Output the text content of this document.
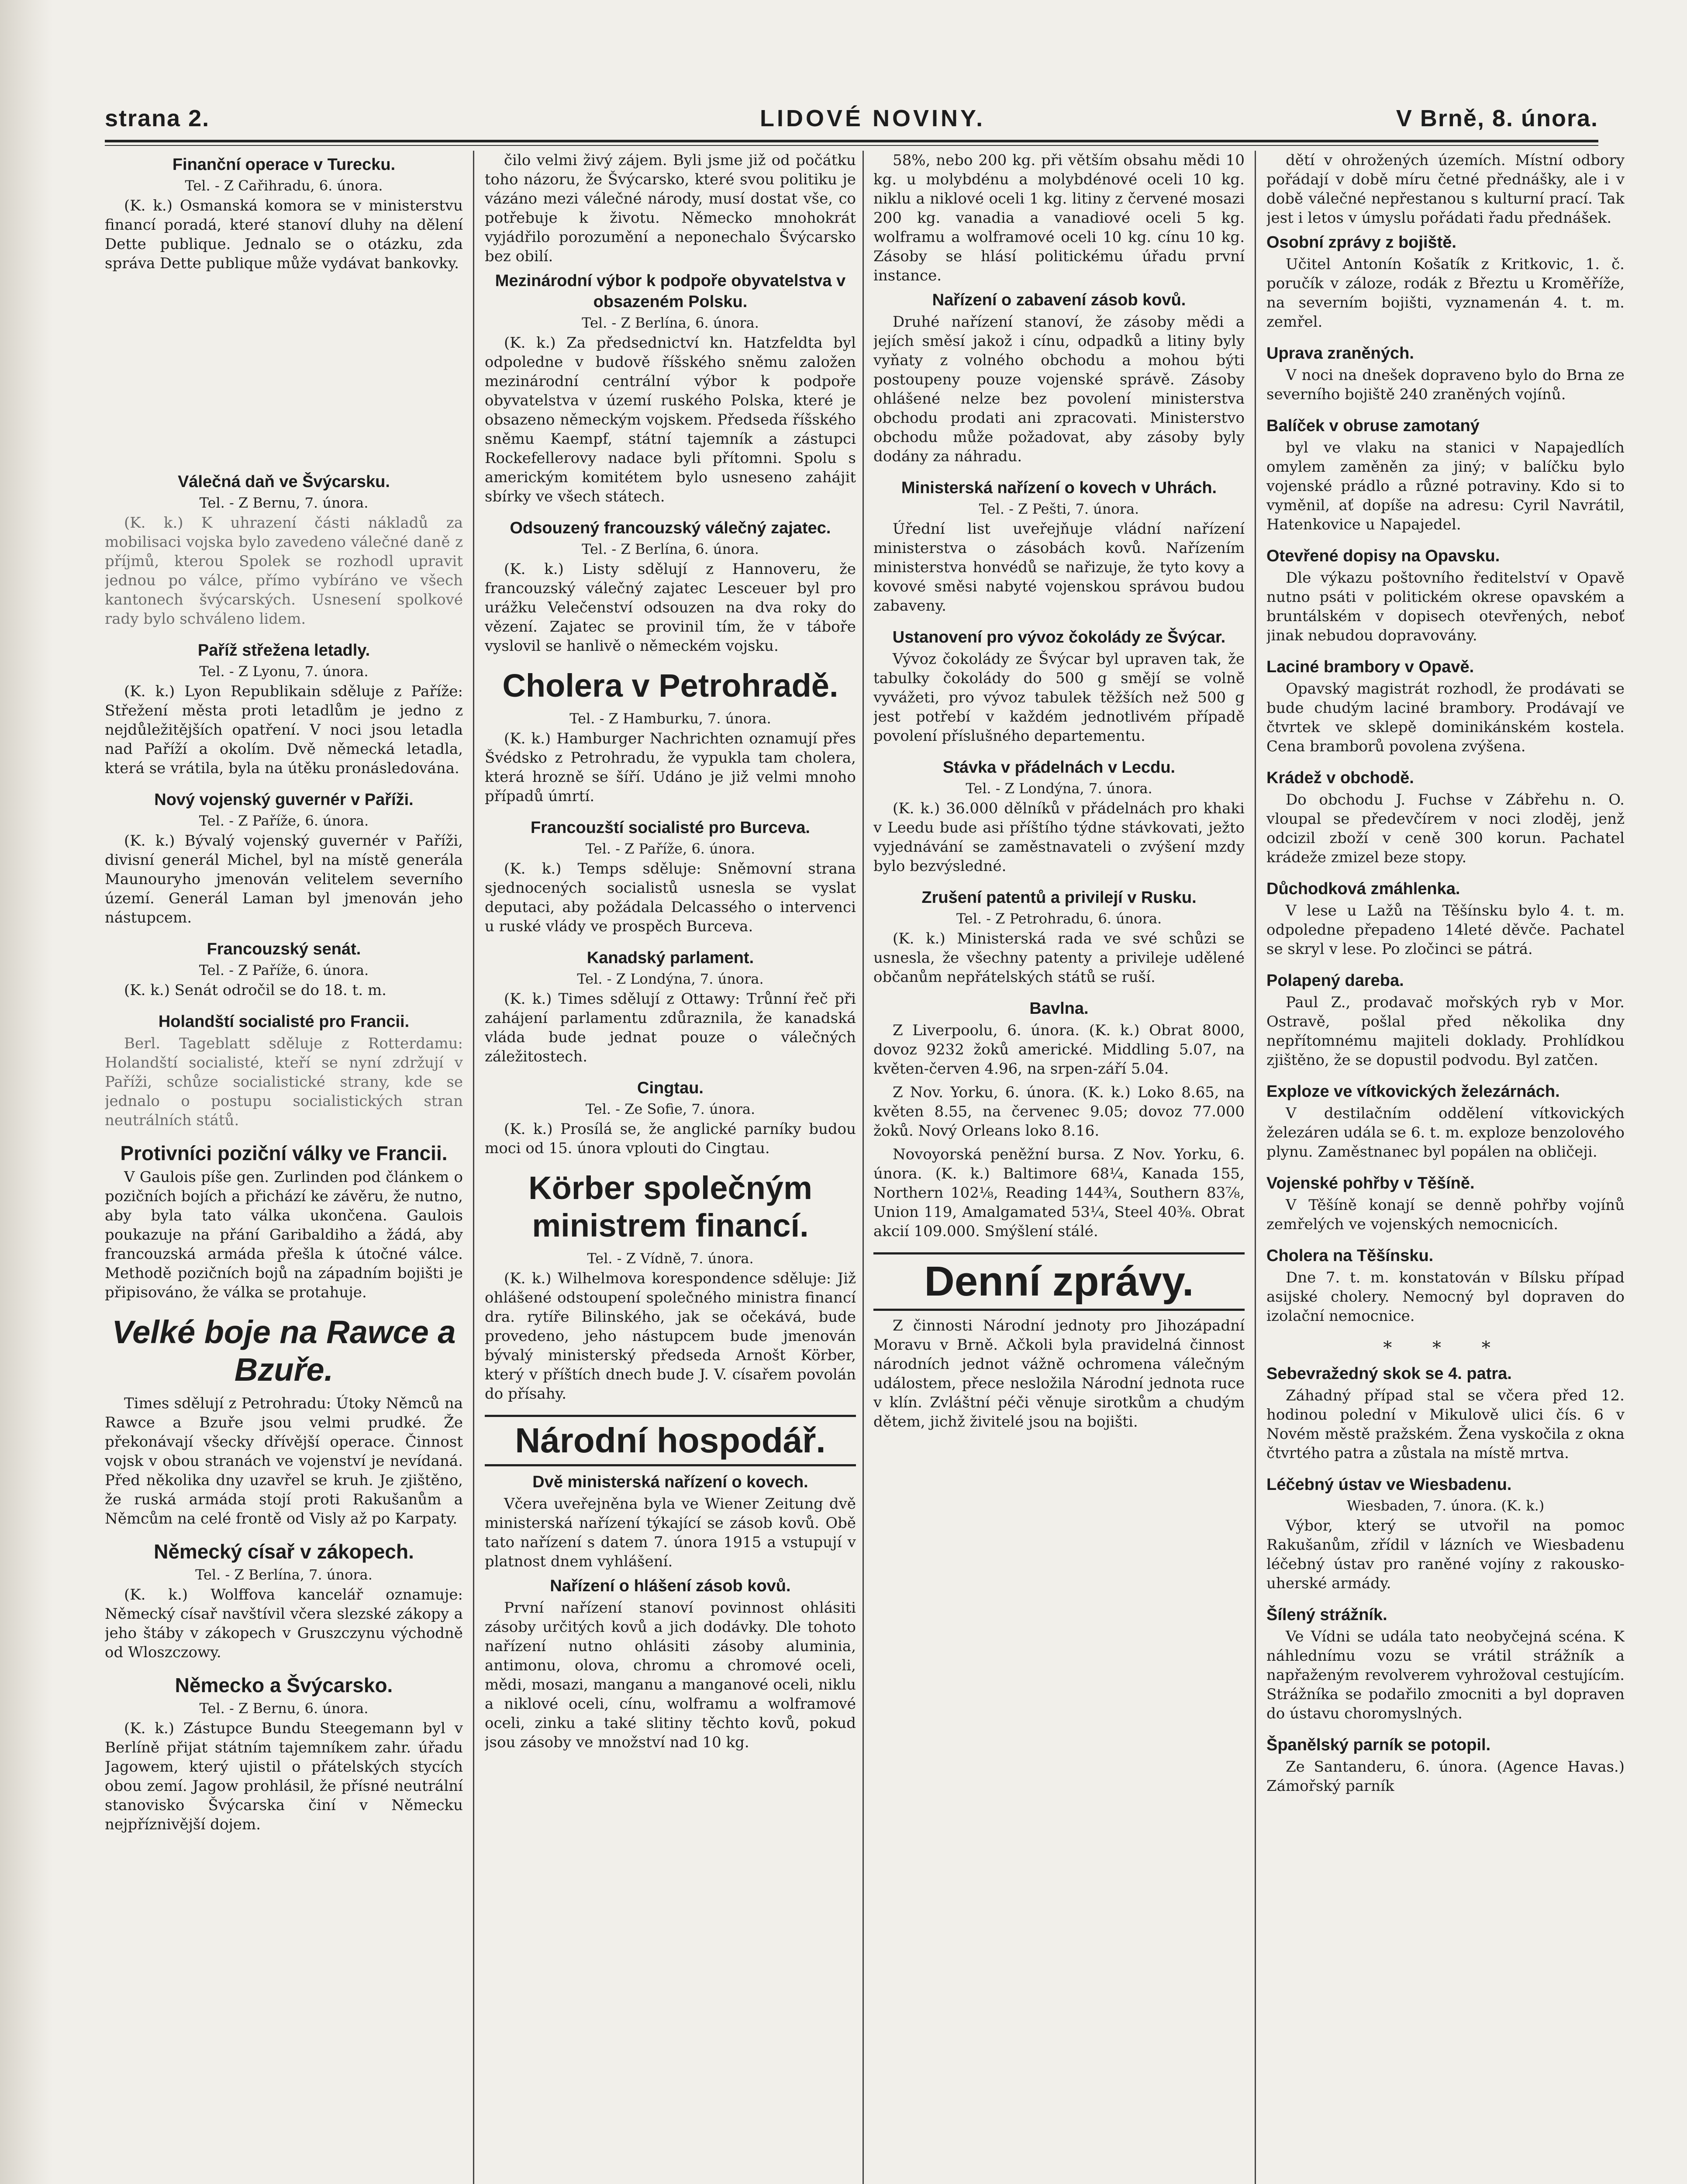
strana 2.	LIDOVÉ NOVINY.	V Brně, 8. února.
Finanční operace v Turecku.
Tel. - Z Cařihradu, 6. února.

(K. k.) Osmanská komora se v ministerstvu financí poradá, které stanoví dluhy na dělení Dette publique. Jednalo se o otázku, zda správa Dette publique může vydávat bankovky.

Válečná daň ve Švýcarsku.
Tel. - Z Bernu, 7. února.

(K. k.) K uhrazení části nákladů za mobilisaci vojska bylo zavedeno válečné daně z příjmů, kterou Spolek se rozhodl upravit jednou po válce, přímo vybíráno ve všech kantonech švýcarských. Usnesení spolkové rady bylo schváleno lidem.

Paříž střežena letadly.
Tel. - Z Lyonu, 7. února.

(K. k.) Lyon Republikain sděluje z Paříže: Střežení města proti letadlům je jedno z nejdůležitějších opatření. V noci jsou letadla nad Paříží a okolím. Dvě německá letadla, která se vrátila, byla na útěku pronásledována.

Nový vojenský guvernér v Paříži.
Tel. - Z Paříže, 6. února.

(K. k.) Bývalý vojenský guvernér v Paříži, divisní generál Michel, byl na místě generála Maunouryho jmenován velitelem severního území. Generál Laman byl jmenován jeho nástupcem.

Francouzský senát.
Tel. - Z Paříže, 6. února.

(K. k.) Senát odročil se do 18. t. m.

Holandští socialisté pro Francii.

Berl. Tageblatt sděluje z Rotterdamu: Holandští socialisté, kteří se nyní zdržují v Paříži, schůze socialistické strany, kde se jednalo o postupu socialistických stran neutrálních států.

Protivníci poziční války ve Francii.

V Gaulois píše gen. Zurlinden pod článkem o pozičních bojích a přichází ke závěru, že nutno, aby byla tato válka ukončena. Gaulois poukazuje na přání Garibaldiho a žádá, aby francouzská armáda přešla k útočné válce. Methodě pozičních bojů na západním bojišti je připisováno, že válka se protahuje.

Velké boje na Rawce a Bzuře.

Times sdělují z Petrohradu: Útoky Němců na Rawce a Bzuře jsou velmi prudké. Že překonávají všecky dřívější operace. Činnost vojsk v obou stranách ve vojenství je nevídaná. Před několika dny uzavřel se kruh. Je zjištěno, že ruská armáda stojí proti Rakušanům a Němcům na celé frontě od Visly až po Karpaty.

Německý císař v zákopech.
Tel. - Z Berlína, 7. února.

(K. k.) Wolffova kancelář oznamuje: Německý císař navštívil včera slezské zákopy a jeho štáby v zákopech v Gruszczynu východně od Wloszczowy.

Německo a Švýcarsko.
Tel. - Z Bernu, 6. února.

(K. k.) Zástupce Bundu Steegemann byl v Berlíně přijat státním tajemníkem zahr. úřadu Jagowem, který ujistil o přátelských stycích obou zemí. Jagow prohlásil, že přísné neutrální stanovisko Švýcarska činí v Německu nejpříznivější dojem.

čilo velmi živý zájem. Byli jsme již od počátku toho názoru, že Švýcarsko, které svou politiku je vázáno mezi válečné národy, musí dostat vše, co potřebuje k životu. Německo mnohokrát vyjádřilo porozumění a neponechalo Švýcarsko bez obilí.

Mezinárodní výbor k podpoře obyvatelstva v obsazeném Polsku.
Tel. - Z Berlína, 6. února.

(K. k.) Za předsednictví kn. Hatzfeldta byl odpoledne v budově říšského sněmu založen mezinárodní centrální výbor k podpoře obyvatelstva v území ruského Polska, které je obsazeno německým vojskem. Předseda říšského sněmu Kaempf, státní tajemník a zástupci Rockefellerovy nadace byli přítomni. Spolu s americkým komitétem bylo usneseno zahájit sbírky ve všech státech.

Odsouzený francouzský válečný zajatec.
Tel. - Z Berlína, 6. února.

(K. k.) Listy sdělují z Hannoveru, že francouzský válečný zajatec Lesceuer byl pro urážku Velečenství odsouzen na dva roky do vězení. Zajatec se provinil tím, že v táboře vyslovil se hanlivě o německém vojsku.

Cholera v Petrohradě.
Tel. - Z Hamburku, 7. února.

(K. k.) Hamburger Nachrichten oznamují přes Švédsko z Petrohradu, že vypukla tam cholera, která hrozně se šíří. Udáno je již velmi mnoho případů úmrtí.

Francouzští socialisté pro Burceva.
Tel. - Z Paříže, 6. února.

(K. k.) Temps sděluje: Sněmovní strana sjednocených socialistů usnesla se vyslat deputaci, aby požádala Delcassého o intervenci u ruské vlády ve prospěch Burceva.

Kanadský parlament.
Tel. - Z Londýna, 7. února.

(K. k.) Times sdělují z Ottawy: Trůnní řeč při zahájení parlamentu zdůraznila, že kanadská vláda bude jednat pouze o válečných záležitostech.

Cingtau.
Tel. - Ze Sofie, 7. února.

(K. k.) Prosílá se, že anglické parníky budou moci od 15. února vplouti do Cingtau.

Körber společným ministrem financí.
Tel. - Z Vídně, 7. února.

(K. k.) Wilhelmova korespondence sděluje: Již ohlášené odstoupení společného ministra financí dra. rytíře Bilinského, jak se očekává, bude provedeno, jeho nástupcem bude jmenován bývalý ministerský předseda Arnošt Körber, který v příštích dnech bude J. V. císařem povolán do přísahy.

Národní hospodář.
Dvě ministerská nařízení o kovech.

Včera uveřejněna byla ve Wiener Zeitung dvě ministerská nařízení týkající se zásob kovů. Obě tato nařízení s datem 7. února 1915 a vstupují v platnost dnem vyhlášení.

Nařízení o hlášení zásob kovů.

První nařízení stanoví povinnost ohlásiti zásoby určitých kovů a jich dodávky. Dle tohoto nařízení nutno ohlásiti zásoby aluminia, antimonu, olova, chromu a chromové oceli, mědi, mosazi, manganu a manganové oceli, niklu a niklové oceli, cínu, wolframu a wolframové oceli, zinku a také slitiny těchto kovů, pokud jsou zásoby ve množství nad 10 kg.

58%, nebo 200 kg. při větším obsahu mědi 10 kg. u molybdénu a molybdénové oceli 10 kg. niklu a niklové oceli 1 kg. litiny z červené mosazi 200 kg. vanadia a vanadiové oceli 5 kg. wolframu a wolframové oceli 10 kg. cínu 10 kg. Zásoby se hlásí politickému úřadu první instance.

Nařízení o zabavení zásob kovů.

Druhé nařízení stanoví, že zásoby mědi a jejích směsí jakož i cínu, odpadků a litiny byly vyňaty z volného obchodu a mohou býti postoupeny pouze vojenské správě. Zásoby ohlášené nelze bez povolení ministerstva obchodu prodati ani zpracovati. Ministerstvo obchodu může požadovat, aby zásoby byly dodány za náhradu.

Ministerská nařízení o kovech v Uhrách.
Tel. - Z Pešti, 7. února.

Úřední list uveřejňuje vládní nařízení ministerstva o zásobách kovů. Nařízením ministerstva honvédů se nařizuje, že tyto kovy a kovové směsi nabyté vojenskou správou budou zabaveny.

Ustanovení pro vývoz čokolády ze Švýcar.

Vývoz čokolády ze Švýcar byl upraven tak, že tabulky čokolády do 500 g smějí se volně vyvážeti, pro vývoz tabulek těžších než 500 g jest potřebí v každém jednotlivém případě povolení příslušného departementu.

Stávka v přádelnách v Lecdu.
Tel. - Z Londýna, 7. února.

(K. k.) 36.000 dělníků v přádelnách pro khaki v Leedu bude asi příštího týdne stávkovati, ježto vyjednávání se zaměstnavateli o zvýšení mzdy bylo bezvýsledné.

Zrušení patentů a privilejí v Rusku.
Tel. - Z Petrohradu, 6. února.

(K. k.) Ministerská rada ve své schůzi se usnesla, že všechny patenty a privileje udělené občanům nepřátelských států se ruší.

Bavlna.

Z Liverpoolu, 6. února. (K. k.) Obrat 8000, dovoz 9232 žoků americké. Middling 5.07, na květen-červen 4.96, na srpen-září 5.04.

Z Nov. Yorku, 6. února. (K. k.) Loko 8.65, na květen 8.55, na červenec 9.05; dovoz 77.000 žoků. Nový Orleans loko 8.16.

Novoyorská peněžní bursa. Z Nov. Yorku, 6. února. (K. k.) Baltimore 68¼, Kanada 155, Northern 102⅛, Reading 144¾, Southern 83⅞, Union 119, Amalgamated 53¼, Steel 40⅜. Obrat akcií 109.000. Smýšlení stálé.

Denní zprávy.

Z činnosti Národní jednoty pro Jihozápadní Moravu v Brně. Ačkoli byla pravidelná činnost národních jednot vážně ochromena válečným událostem, přece nesložila Národní jednota ruce v klín. Zvláštní péči věnuje sirotkům a chudým dětem, jichž živitelé jsou na bojišti.

dětí v ohrožených územích. Místní odbory pořádají v době míru četné přednášky, ale i v době válečné nepřestanou s kulturní prací. Tak jest i letos v úmyslu pořádati řadu přednášek.

Osobní zprávy z bojiště.

Učitel Antonín Košatík z Kritkovic, 1. č. poručík v záloze, rodák z Březtu u Kroměříže, na severním bojišti, vyznamenán 4. t. m. zemřel.

Uprava zraněných.

V noci na dnešek dopraveno bylo do Brna ze severního bojiště 240 zraněných vojínů.

Balíček v obruse zamotaný

byl ve vlaku na stanici v Napajedlích omylem zaměněn za jiný; v balíčku bylo vojenské prádlo a různé potraviny. Kdo si to vyměnil, ať dopíše na adresu: Cyril Navrátil, Hatenkovice u Napajedel.

Otevřené dopisy na Opavsku.

Dle výkazu poštovního ředitelství v Opavě nutno psáti v politickém okrese opavském a bruntálském v dopisech otevřených, neboť jinak nebudou dopravovány.

Laciné brambory v Opavě.

Opavský magistrát rozhodl, že prodávati se bude chudým laciné brambory. Prodávají ve čtvrtek ve sklepě dominikánském kostela. Cena bramborů povolena zvýšena.

Krádež v obchodě.

Do obchodu J. Fuchse v Zábřehu n. O. vloupal se předevčírem v noci zloděj, jenž odcizil zboží v ceně 300 korun. Pachatel krádeže zmizel beze stopy.

Důchodková zmáhlenka.

V lese u Lažů na Těšínsku bylo 4. t. m. odpoledne přepadeno 14leté děvče. Pachatel se skryl v lese. Po zločinci se pátrá.

Polapený dareba.

Paul Z., prodavač mořských ryb v Mor. Ostravě, pošlal před několika dny nepřítomnému majiteli doklady. Prohlídkou zjištěno, že se dopustil podvodu. Byl zatčen.

Exploze ve vítkovických železárnách.

V destilačním oddělení vítkovických železáren udála se 6. t. m. exploze benzolového plynu. Zaměstnanec byl popálen na obličeji.

Vojenské pohřby v Těšíně.

V Těšíně konají se denně pohřby vojínů zemřelých ve vojenských nemocnicích.

Cholera na Těšínsku.

Dne 7. t. m. konstatován v Bílsku případ asijské cholery. Nemocný byl dopraven do izolační nemocnice.

* * *
Sebevražedný skok se 4. patra.

Záhadný případ stal se včera před 12. hodinou polední v Mikulově ulici čís. 6 v Novém městě pražském. Žena vyskočila z okna čtvrtého patra a zůstala na místě mrtva.

Léčebný ústav ve Wiesbadenu.
Wiesbaden, 7. února. (K. k.)

Výbor, který se utvořil na pomoc Rakušanům, zřídil v lázních ve Wiesbadenu léčebný ústav pro raněné vojíny z rakousko-uherské armády.

Šílený strážník.

Ve Vídni se udála tato neobyčejná scéna. K náhlednímu vozu se vrátil strážník a napřaženým revolverem vyhrožoval cestujícím. Strážníka se podařilo zmocniti a byl dopraven do ústavu choromyslných.

Španělský parník se potopil.

Ze Santanderu, 6. února. (Agence Havas.) Zámořský parník
